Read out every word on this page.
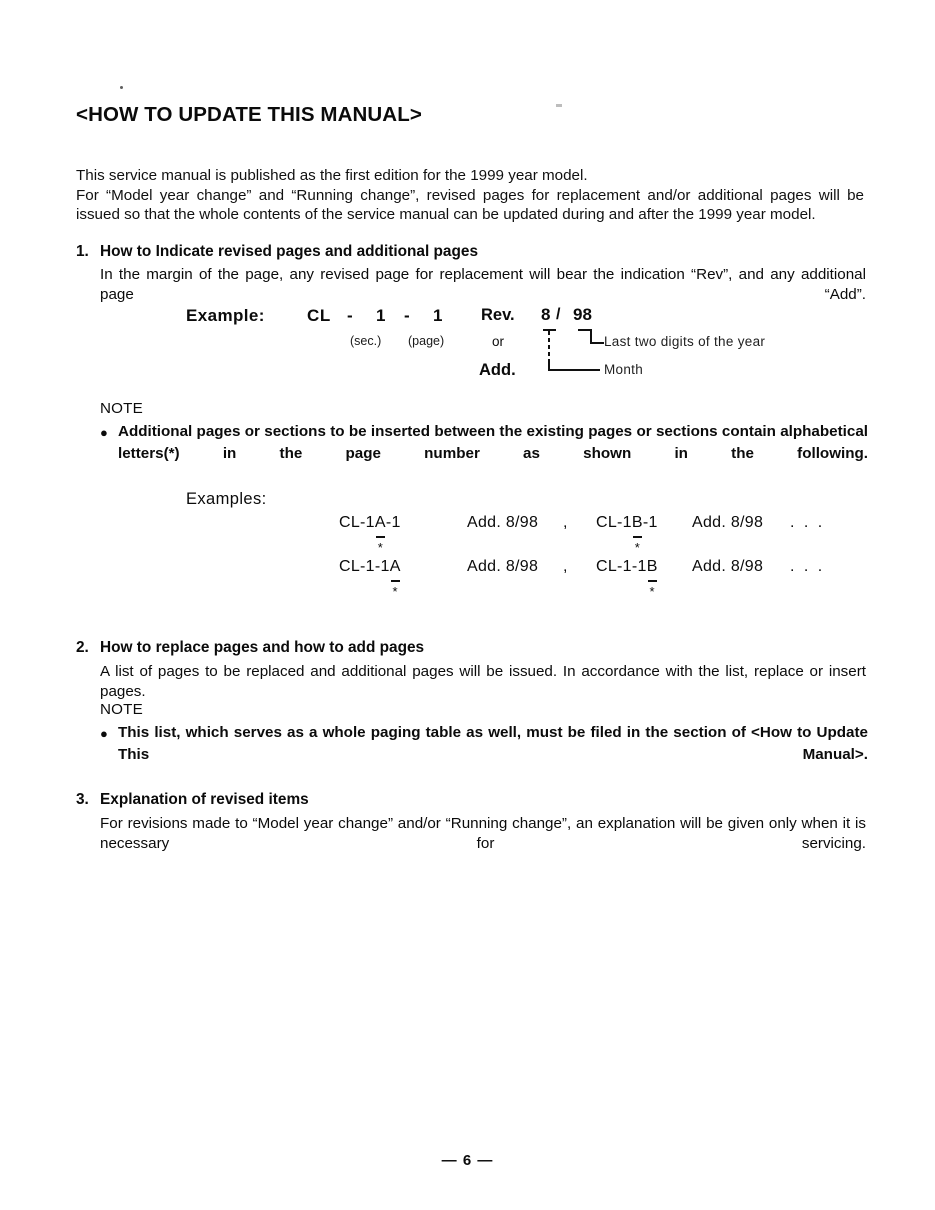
<HOW TO UPDATE THIS MANUAL>
This service manual is published as the first edition for the 1999 year model.
For “Model year change” and “Running change”, revised pages for replacement and/or additional pages will be
issued so that the whole contents of the service manual can be updated during and after the 1999 year model.
1. How to Indicate revised pages and additional pages
In the margin of the page, any revised page for replacement will bear the indication “Rev”, and any additional page “Add”.
Example: CL - 1 - 1 Rev. 8 / 98
(sec.) (page)	or
Add.
Last two digits of the year
Month
NOTE
● Additional pages or sections to be inserted between the existing pages or sections contain alphabetical letters(*) in the page number as shown in the following.
Examples:
CL-1A
*
-1	Add. 8/98 , CL-1B
*
-1 Add. 8/98 . . .
CL-1-1A
*
Add. 8/98 , CL-1-1B
*
Add. 8/98 . . .
2. How to replace pages and how to add pages
A list of pages to be replaced and additional pages will be issued. In accordance with the list, replace or insert pages.
NOTE
● This list, which serves as a whole paging table as well, must be filed in the section of <How to Update This Manual>.
3. Explanation of revised items
For revisions made to “Model year change” and/or “Running change”, an explanation will be given only when it is necessary for servicing.
— 6 —
